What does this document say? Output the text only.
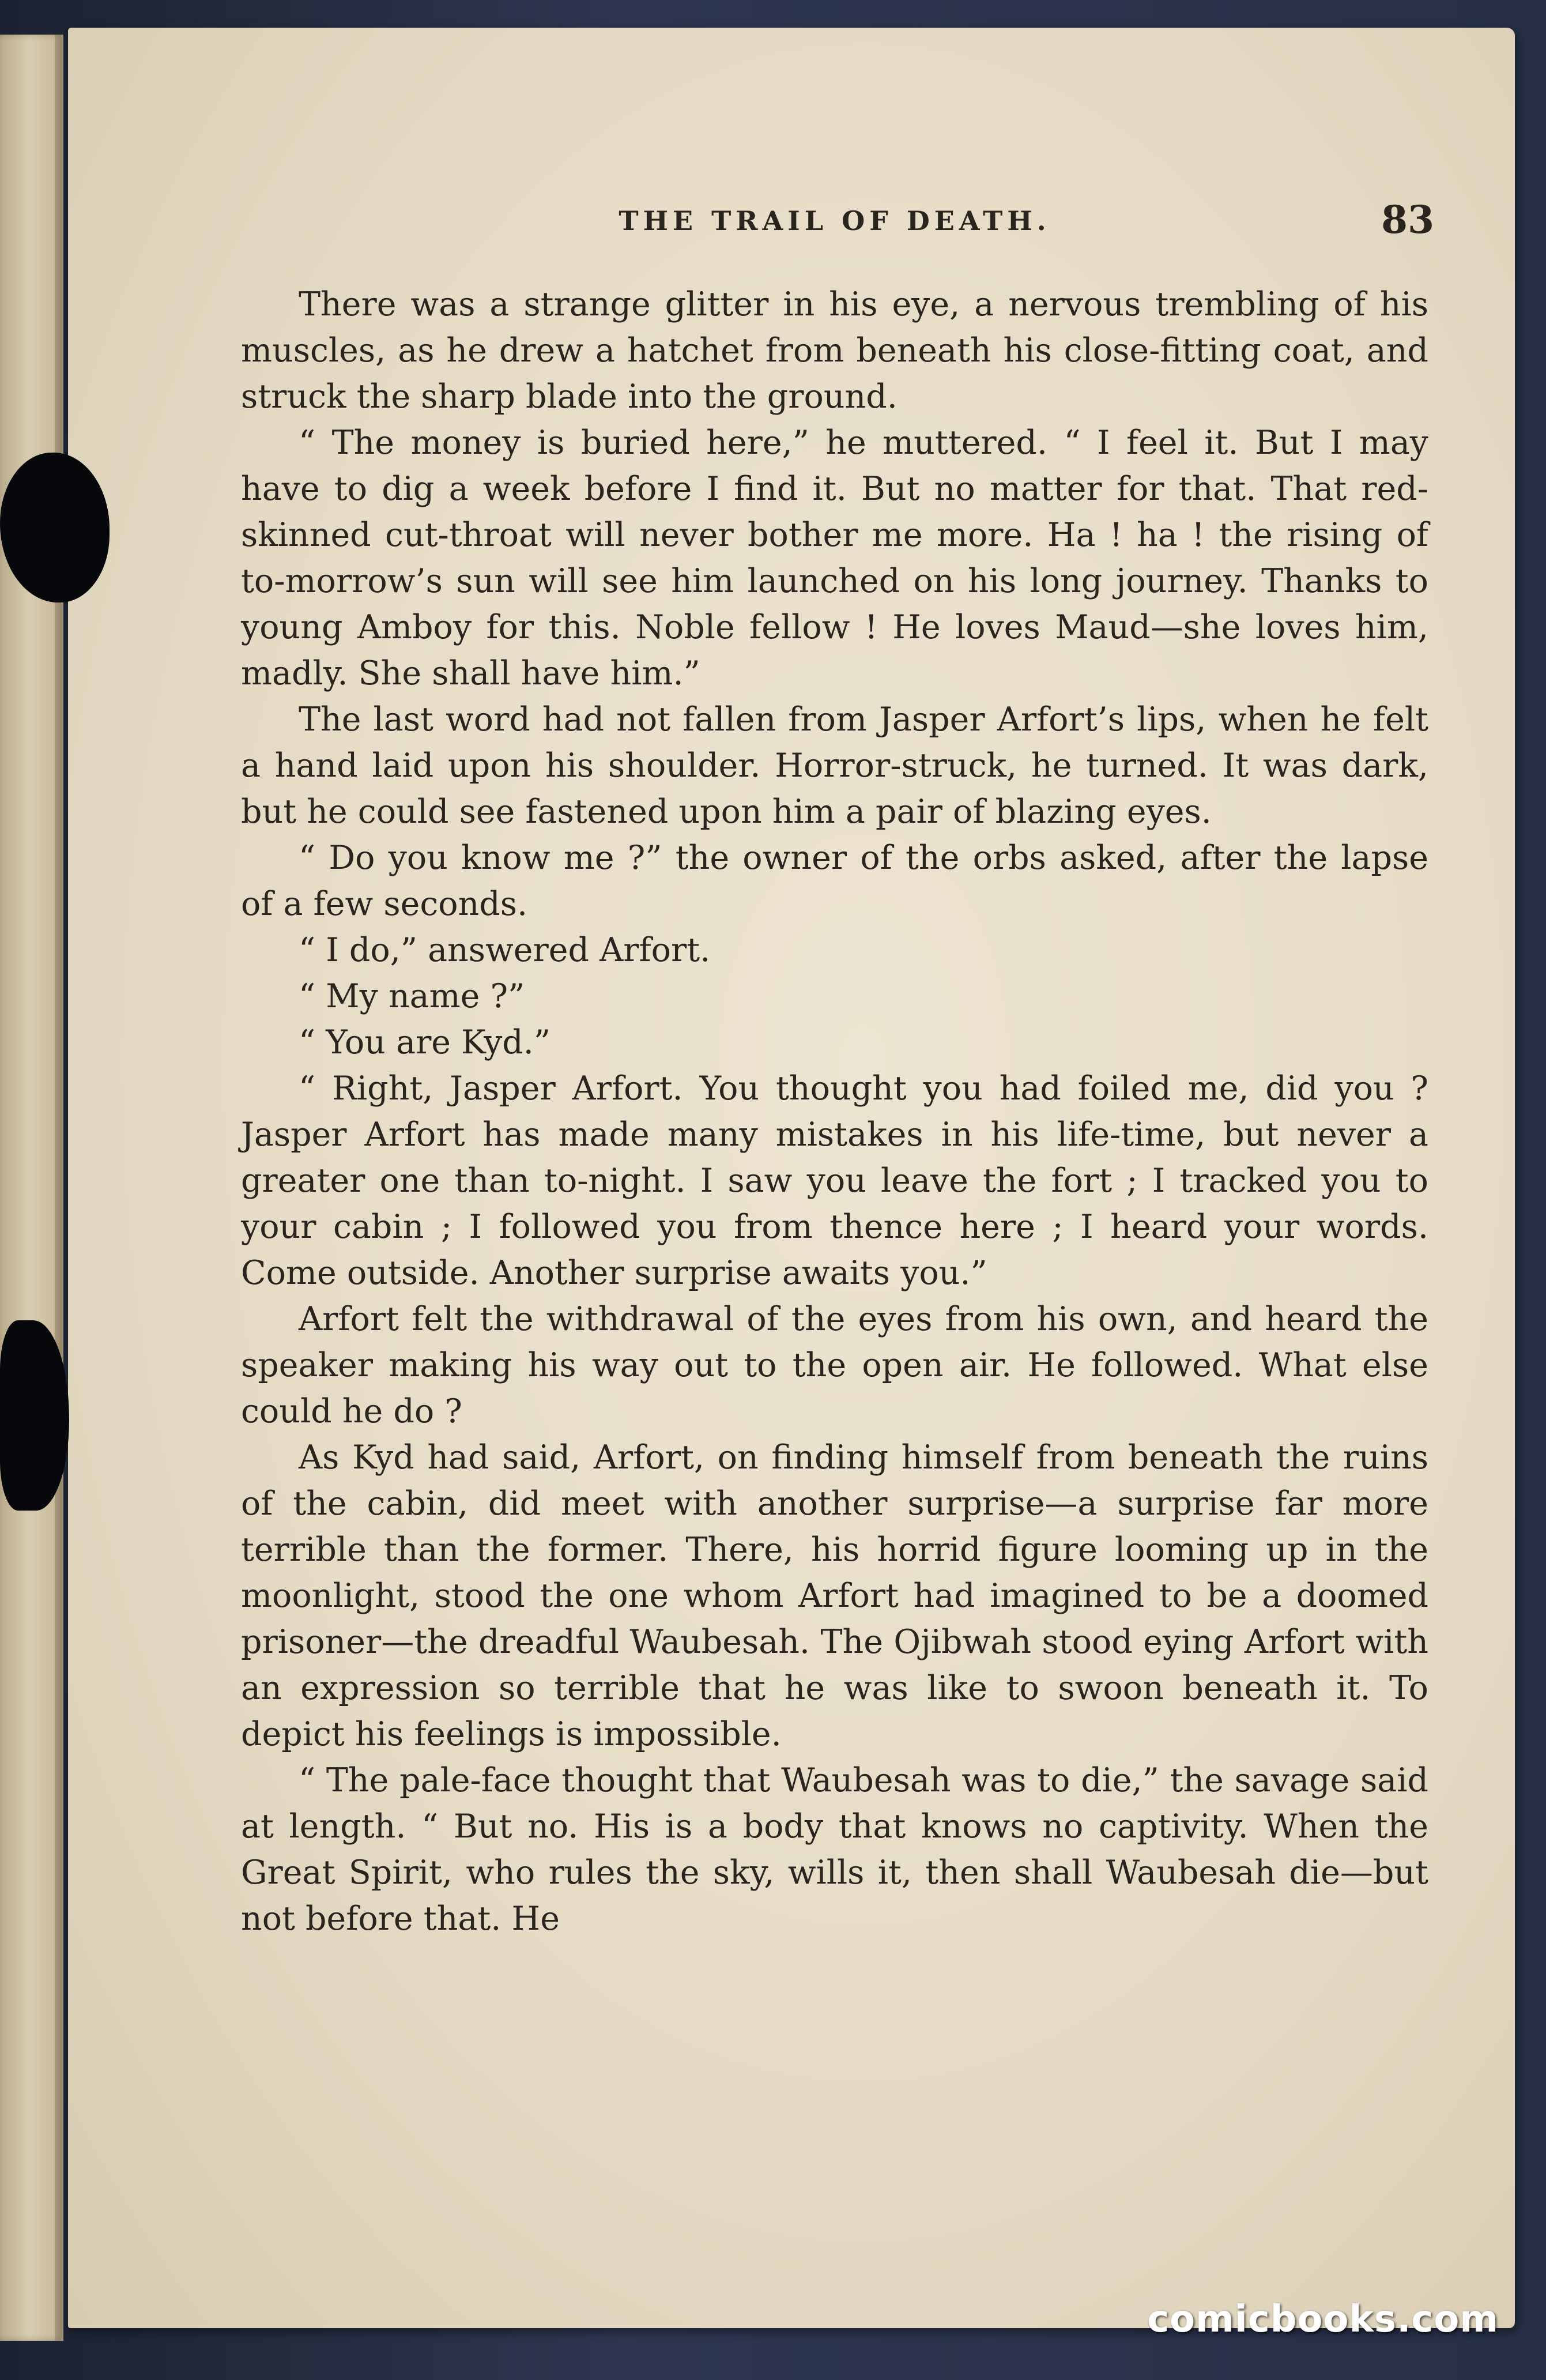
THE TRAIL OF DEATH.	83

There was a strange glitter in his eye, a nervous trembling of his muscles, as he drew a hatchet from beneath his close-fitting coat, and struck the sharp blade into the ground.

“ The money is buried here,” he muttered. “ I feel it. But I may have to dig a week before I find it. But no matter for that. That red-skinned cut-throat will never bother me more. Ha ! ha ! the rising of to-morrow’s sun will see him launched on his long journey. Thanks to young Amboy for this. Noble fellow ! He loves Maud—she loves him, madly. She shall have him.”

The last word had not fallen from Jasper Arfort’s lips, when he felt a hand laid upon his shoulder. Horror-struck, he turned. It was dark, but he could see fastened upon him a pair of blazing eyes.

“ Do you know me ?” the owner of the orbs asked, after the lapse of a few seconds.

“ I do,” answered Arfort.

“ My name ?”

“ You are Kyd.”

“ Right, Jasper Arfort. You thought you had foiled me, did you ? Jasper Arfort has made many mistakes in his life-time, but never a greater one than to-night. I saw you leave the fort ; I tracked you to your cabin ; I followed you from thence here ; I heard your words. Come outside. Another surprise awaits you.”

Arfort felt the withdrawal of the eyes from his own, and heard the speaker making his way out to the open air. He followed. What else could he do ?

As Kyd had said, Arfort, on finding himself from beneath the ruins of the cabin, did meet with another surprise—a surprise far more terrible than the former. There, his horrid figure looming up in the moonlight, stood the one whom Arfort had imagined to be a doomed prisoner—the dreadful Waubesah. The Ojibwah stood eying Arfort with an expression so terrible that he was like to swoon beneath it. To depict his feelings is impossible.

“ The pale-face thought that Waubesah was to die,” the savage said at length. “ But no. His is a body that knows no captivity. When the Great Spirit, who rules the sky, wills it, then shall Waubesah die—but not before that. He

comicbooks.com
